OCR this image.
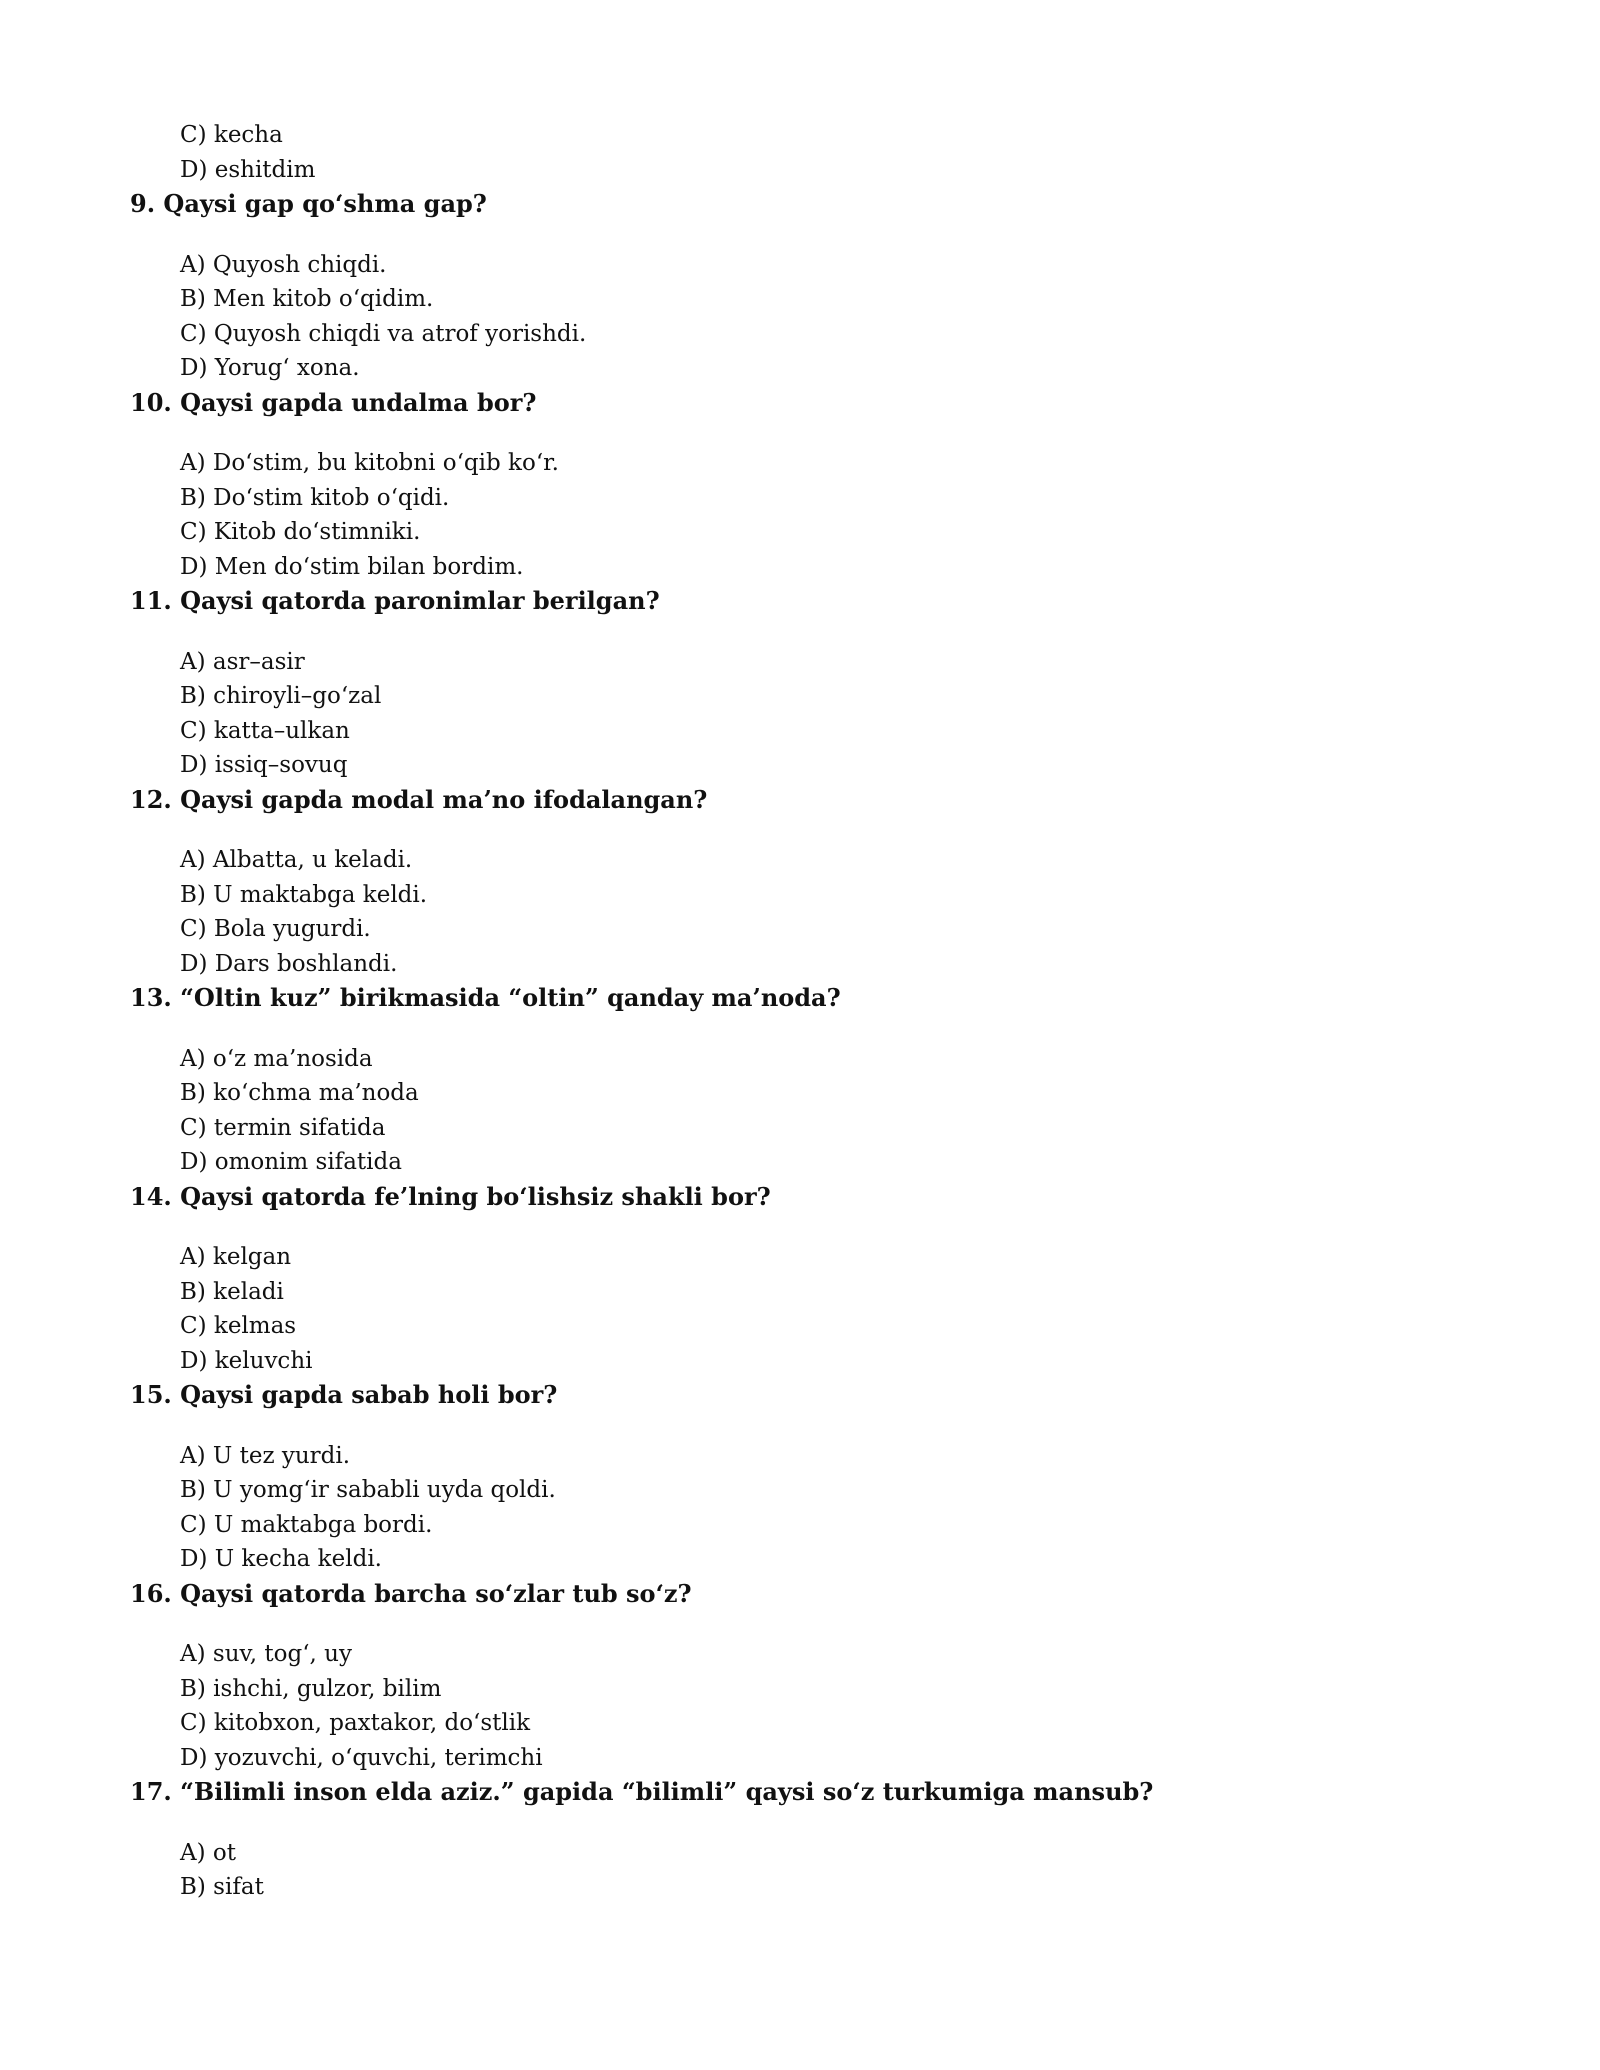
C) kecha
D) eshitdim
9. Qaysi gap qo‘shma gap?
A) Quyosh chiqdi.
B) Men kitob o‘qidim.
C) Quyosh chiqdi va atrof yorishdi.
D) Yorug‘ xona.
10. Qaysi gapda undalma bor?
A) Do‘stim, bu kitobni o‘qib ko‘r.
B) Do‘stim kitob o‘qidi.
C) Kitob do‘stimniki.
D) Men do‘stim bilan bordim.
11. Qaysi qatorda paronimlar berilgan?
A) asr–asir
B) chiroyli–go‘zal
C) katta–ulkan
D) issiq–sovuq
12. Qaysi gapda modal ma’no ifodalangan?
A) Albatta, u keladi.
B) U maktabga keldi.
C) Bola yugurdi.
D) Dars boshlandi.
13. “Oltin kuz” birikmasida “oltin” qanday ma’noda?
A) o‘z ma’nosida
B) ko‘chma ma’noda
C) termin sifatida
D) omonim sifatida
14. Qaysi qatorda fe’lning bo‘lishsiz shakli bor?
A) kelgan
B) keladi
C) kelmas
D) keluvchi
15. Qaysi gapda sabab holi bor?
A) U tez yurdi.
B) U yomg‘ir sababli uyda qoldi.
C) U maktabga bordi.
D) U kecha keldi.
16. Qaysi qatorda barcha so‘zlar tub so‘z?
A) suv, tog‘, uy
B) ishchi, gulzor, bilim
C) kitobxon, paxtakor, do‘stlik
D) yozuvchi, o‘quvchi, terimchi
17. “Bilimli inson elda aziz.” gapida “bilimli” qaysi so‘z turkumiga mansub?
A) ot
B) sifat
